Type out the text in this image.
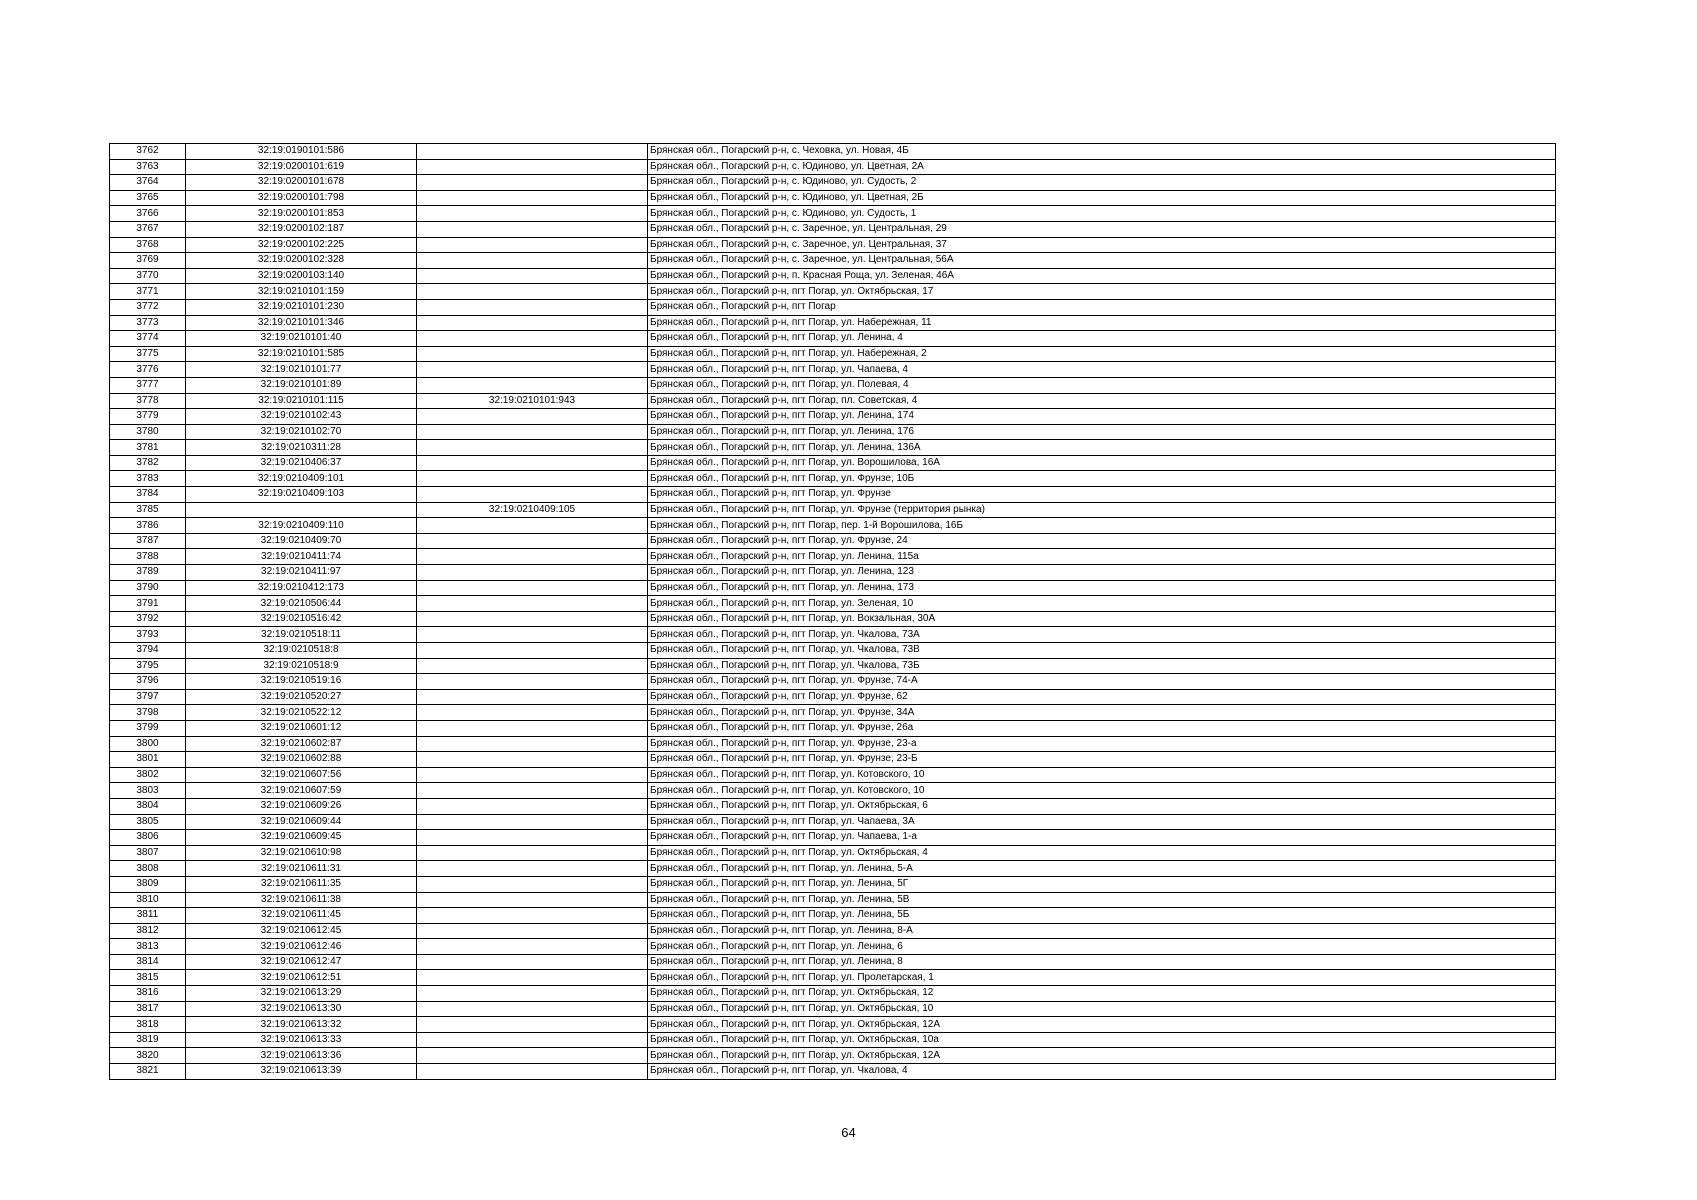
3762	32:19:0190101:586		Брянская обл., Погарский р-н, с. Чеховка, ул. Новая, 4Б
3763	32:19:0200101:619		Брянская обл., Погарский р-н, с. Юдиново, ул. Цветная, 2А
3764	32:19:0200101:678		Брянская обл., Погарский р-н, с. Юдиново, ул. Судость, 2
3765	32:19:0200101:798		Брянская обл., Погарский р-н, с. Юдиново, ул. Цветная, 2Б
3766	32:19:0200101:853		Брянская обл., Погарский р-н, с. Юдиново, ул. Судость, 1
3767	32:19:0200102:187		Брянская обл., Погарский р-н, с. Заречное, ул. Центральная, 29
3768	32:19:0200102:225		Брянская обл., Погарский р-н, с. Заречное, ул. Центральная, 37
3769	32:19:0200102:328		Брянская обл., Погарский р-н, с. Заречное, ул. Центральная, 56А
3770	32:19:0200103:140		Брянская обл., Погарский р-н, п. Красная Роща, ул. Зеленая, 46А
3771	32:19:0210101:159		Брянская обл., Погарский р-н, пгт Погар, ул. Октябрьская, 17
3772	32:19:0210101:230		Брянская обл., Погарский р-н, пгт Погар
3773	32:19:0210101:346		Брянская обл., Погарский р-н, пгт Погар, ул. Набережная, 11
3774	32:19:0210101:40		Брянская обл., Погарский р-н, пгт Погар, ул. Ленина, 4
3775	32:19:0210101:585		Брянская обл., Погарский р-н, пгт Погар, ул. Набережная, 2
3776	32:19:0210101:77		Брянская обл., Погарский р-н, пгт Погар, ул. Чапаева, 4
3777	32:19:0210101:89		Брянская обл., Погарский р-н, пгт Погар, ул. Полевая, 4
3778	32:19:0210101:115	32:19:0210101:943	Брянская обл., Погарский р-н, пгт Погар, пл. Советская, 4
3779	32:19:0210102:43		Брянская обл., Погарский р-н, пгт Погар, ул. Ленина, 174
3780	32:19:0210102:70		Брянская обл., Погарский р-н, пгт Погар, ул. Ленина, 176
3781	32:19:0210311:28		Брянская обл., Погарский р-н, пгт Погар, ул. Ленина, 136А
3782	32:19:0210406:37		Брянская обл., Погарский р-н, пгт Погар, ул. Ворошилова, 16А
3783	32:19:0210409:101		Брянская обл., Погарский р-н, пгт Погар, ул. Фрунзе, 10Б
3784	32:19:0210409:103		Брянская обл., Погарский р-н, пгт Погар, ул. Фрунзе
3785		32:19:0210409:105	Брянская обл., Погарский р-н, пгт Погар, ул. Фрунзе (территория рынка)
3786	32:19:0210409:110		Брянская обл., Погарский р-н, пгт Погар, пер. 1-й Ворошилова, 16Б
3787	32:19:0210409:70		Брянская обл., Погарский р-н, пгт Погар, ул. Фрунзе, 24
3788	32:19:0210411:74		Брянская обл., Погарский р-н, пгт Погар, ул. Ленина, 115а
3789	32:19:0210411:97		Брянская обл., Погарский р-н, пгт Погар, ул. Ленина, 123
3790	32:19:0210412:173		Брянская обл., Погарский р-н, пгт Погар, ул. Ленина, 173
3791	32:19:0210506:44		Брянская обл., Погарский р-н, пгт Погар, ул. Зеленая, 10
3792	32:19:0210516:42		Брянская обл., Погарский р-н, пгт Погар, ул. Вокзальная, 30А
3793	32:19:0210518:11		Брянская обл., Погарский р-н, пгт Погар, ул. Чкалова, 73А
3794	32:19:0210518:8		Брянская обл., Погарский р-н, пгт Погар, ул. Чкалова, 73В
3795	32:19:0210518:9		Брянская обл., Погарский р-н, пгт Погар, ул. Чкалова, 73Б
3796	32:19:0210519:16		Брянская обл., Погарский р-н, пгт Погар, ул. Фрунзе, 74-А
3797	32:19:0210520:27		Брянская обл., Погарский р-н, пгт Погар, ул. Фрунзе, 62
3798	32:19:0210522:12		Брянская обл., Погарский р-н, пгт Погар, ул. Фрунзе, 34А
3799	32:19:0210601:12		Брянская обл., Погарский р-н, пгт Погар, ул. Фрунзе, 26а
3800	32:19:0210602:87		Брянская обл., Погарский р-н, пгт Погар, ул. Фрунзе, 23-а
3801	32:19:0210602:88		Брянская обл., Погарский р-н, пгт Погар, ул. Фрунзе, 23-Б
3802	32:19:0210607:56		Брянская обл., Погарский р-н, пгт Погар, ул. Котовского, 10
3803	32:19:0210607:59		Брянская обл., Погарский р-н, пгт Погар, ул. Котовского, 10
3804	32:19:0210609:26		Брянская обл., Погарский р-н, пгт Погар, ул. Октябрьская, 6
3805	32:19:0210609:44		Брянская обл., Погарский р-н, пгт Погар, ул. Чапаева, 3А
3806	32:19:0210609:45		Брянская обл., Погарский р-н, пгт Погар, ул. Чапаева, 1-а
3807	32:19:0210610:98		Брянская обл., Погарский р-н, пгт Погар, ул. Октябрьская, 4
3808	32:19:0210611:31		Брянская обл., Погарский р-н, пгт Погар, ул. Ленина, 5-А
3809	32:19:0210611:35		Брянская обл., Погарский р-н, пгт Погар, ул. Ленина, 5Г
3810	32:19:0210611:38		Брянская обл., Погарский р-н, пгт Погар, ул. Ленина, 5В
3811	32:19:0210611:45		Брянская обл., Погарский р-н, пгт Погар, ул. Ленина, 5Б
3812	32:19:0210612:45		Брянская обл., Погарский р-н, пгт Погар, ул. Ленина, 8-А
3813	32:19:0210612:46		Брянская обл., Погарский р-н, пгт Погар, ул. Ленина, 6
3814	32:19:0210612:47		Брянская обл., Погарский р-н, пгт Погар, ул. Ленина, 8
3815	32:19:0210612:51		Брянская обл., Погарский р-н, пгт Погар, ул. Пролетарская, 1
3816	32:19:0210613:29		Брянская обл., Погарский р-н, пгт Погар, ул. Октябрьская, 12
3817	32:19:0210613:30		Брянская обл., Погарский р-н, пгт Погар, ул. Октябрьская, 10
3818	32:19:0210613:32		Брянская обл., Погарский р-н, пгт Погар, ул. Октябрьская, 12А
3819	32:19:0210613:33		Брянская обл., Погарский р-н, пгт Погар, ул. Октябрьская, 10а
3820	32:19:0210613:36		Брянская обл., Погарский р-н, пгт Погар, ул. Октябрьская, 12А
3821	32:19:0210613:39		Брянская обл., Погарский р-н, пгт Погар, ул. Чкалова, 4
64
